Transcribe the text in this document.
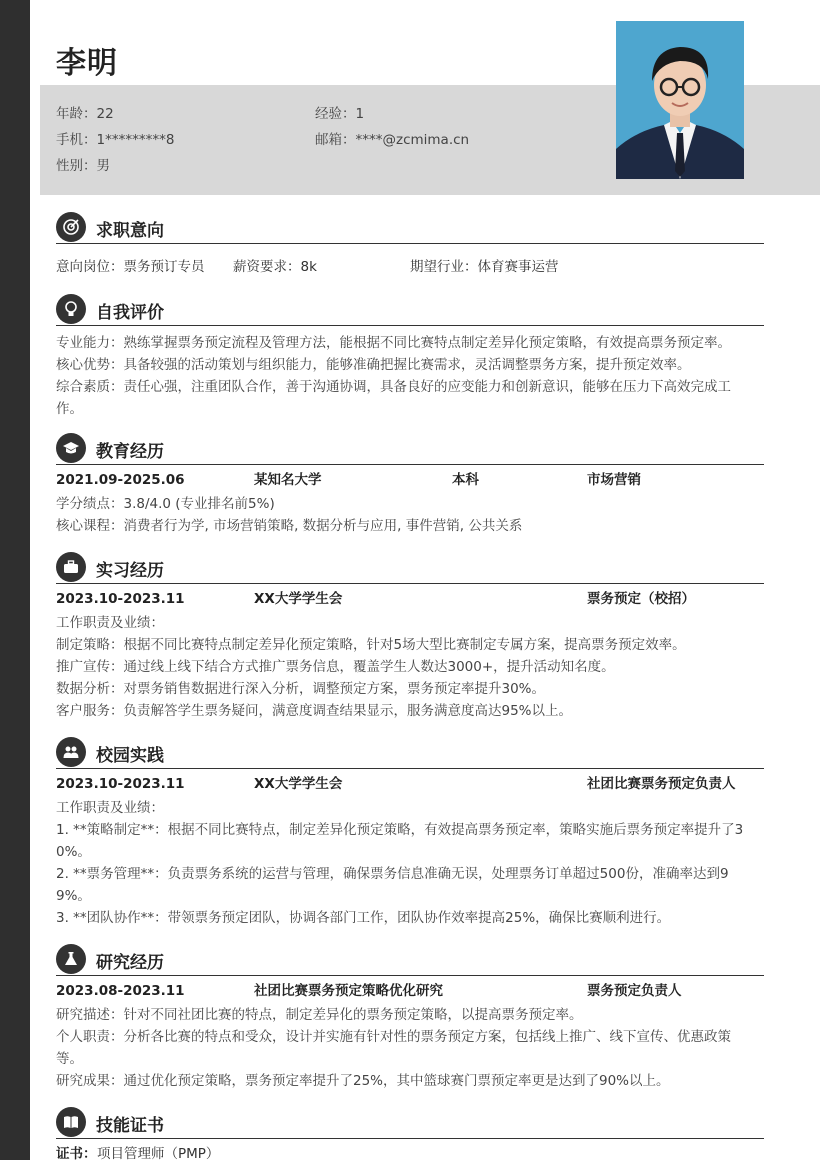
年龄：22	经验：1
手机：1*********8	邮箱：****@zcmima.cn
性别：男
李明
求职意向
意向岗位：票务预订专员 薪资要求：8k	期望行业：体育赛事运营
自我评价
专业能力：熟练掌握票务预定流程及管理方法，能根据不同比赛特点制定差异化预定策略，有效提高票务预定率。
核心优势：具备较强的活动策划与组织能力，能够准确把握比赛需求，灵活调整票务方案，提升预定效率。
综合素质：责任心强，注重团队合作，善于沟通协调，具备良好的应变能力和创新意识，能够在压力下高效完成工
作。
教育经历
2021.09-2025.06	某知名大学	本科	市场营销
学分绩点：3.8/4.0 (专业排名前5%)
核心课程：消费者行为学, 市场营销策略, 数据分析与应用, 事件营销, 公共关系
实习经历
2023.10-2023.11	XX大学学生会	票务预定（校招）
工作职责及业绩：
制定策略：根据不同比赛特点制定差异化预定策略，针对5场大型比赛制定专属方案，提高票务预定效率。
推广宣传：通过线上线下结合方式推广票务信息，覆盖学生人数达3000+，提升活动知名度。
数据分析：对票务销售数据进行深入分析，调整预定方案，票务预定率提升30%。
客户服务：负责解答学生票务疑问，满意度调查结果显示，服务满意度高达95%以上。
校园实践
2023.10-2023.11	XX大学学生会	社团比赛票务预定负责人
工作职责及业绩：
1. **策略制定**：根据不同比赛特点，制定差异化预定策略，有效提高票务预定率，策略实施后票务预定率提升了3
0%。
2. **票务管理**：负责票务系统的运营与管理，确保票务信息准确无误，处理票务订单超过500份，准确率达到9
9%。
3. **团队协作**：带领票务预定团队，协调各部门工作，团队协作效率提高25%，确保比赛顺利进行。
研究经历
2023.08-2023.11	社团比赛票务预定策略优化研究	票务预定负责人
研究描述：针对不同社团比赛的特点，制定差异化的票务预定策略，以提高票务预定率。
个人职责：分析各比赛的特点和受众，设计并实施有针对性的票务预定方案，包括线上推广、线下宣传、优惠政策
等。
研究成果：通过优化预定策略，票务预定率提升了25%，其中篮球赛门票预定率更是达到了90%以上。
技能证书
证书： 项目管理师（PMP）
